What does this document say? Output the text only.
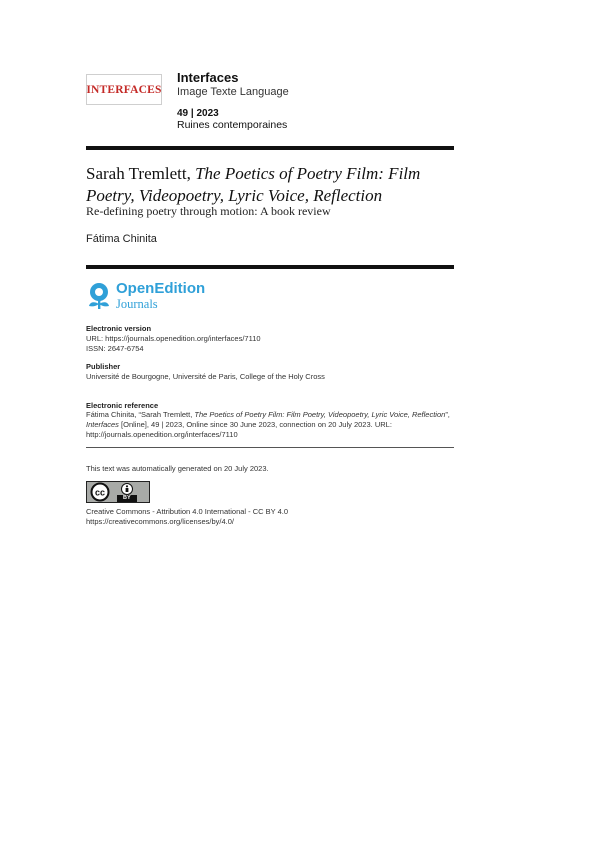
INTERFACES
Interfaces
Image Texte Language
49 | 2023
Ruines contemporaines
Sarah Tremlett, The Poetics of Poetry Film: Film Poetry, Videopoetry, Lyric Voice, Reflection
Re-defining poetry through motion: A book review
Fátima Chinita
OpenEdition
Journals
Electronic version
URL: https://journals.openedition.org/interfaces/7110
ISSN: 2647-6754
Publisher
Université de Bourgogne, Université de Paris, College of the Holy Cross
Electronic reference
Fátima Chinita, “Sarah Tremlett, The Poetics of Poetry Film: Film Poetry, Videopoetry, Lyric Voice, Reflection”, Interfaces [Online], 49 | 2023, Online since 30 June 2023, connection on 20 July 2023. URL: http://journals.openedition.org/interfaces/7110
This text was automatically generated on 20 July 2023.
cc	BY
Creative Commons - Attribution 4.0 International - CC BY 4.0
https://creativecommons.org/licenses/by/4.0/
